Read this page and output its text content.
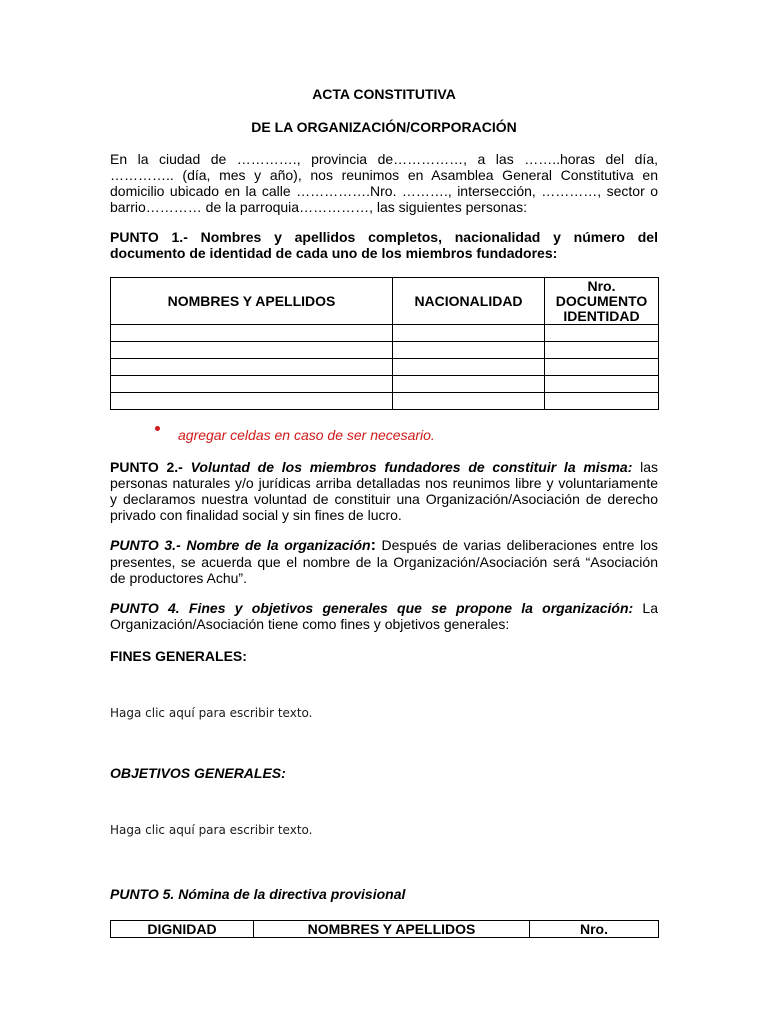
ACTA CONSTITUTIVA
DE LA ORGANIZACIÓN/CORPORACIÓN
En la ciudad de …………., provincia de……………, a las ……..horas del día,
………….. (día, mes y año), nos reunimos en Asamblea General Constitutiva en
domicilio ubicado en la calle …………….Nro. ………., intersección, …………, sector o
barrio………… de la parroquia……………, las siguientes personas:
PUNTO 1.- Nombres y apellidos completos, nacionalidad y número del
documento de identidad de cada uno de los miembros fundadores:
NOMBRES Y APELLIDOS	NACIONALIDAD	Nro.
DOCUMENTO
IDENTIDAD

agregar celdas en caso de ser necesario.
PUNTO 2.- Voluntad de los miembros fundadores de constituir la misma: las
personas naturales y/o jurídicas arriba detalladas nos reunimos libre y voluntariamente
y declaramos nuestra voluntad de constituir una Organización/Asociación de derecho
privado con finalidad social y sin fines de lucro.
PUNTO 3.- Nombre de la organización: Después de varias deliberaciones entre los
presentes, se acuerda que el nombre de la Organización/Asociación será “Asociación
de productores Achu”.
PUNTO 4. Fines y objetivos generales que se propone la organización: La
Organización/Asociación tiene como fines y objetivos generales:
FINES GENERALES:
Haga clic aquí para escribir texto.
OBJETIVOS GENERALES:
Haga clic aquí para escribir texto.
PUNTO 5. Nómina de la directiva provisional
DIGNIDAD	NOMBRES Y APELLIDOS	Nro.
